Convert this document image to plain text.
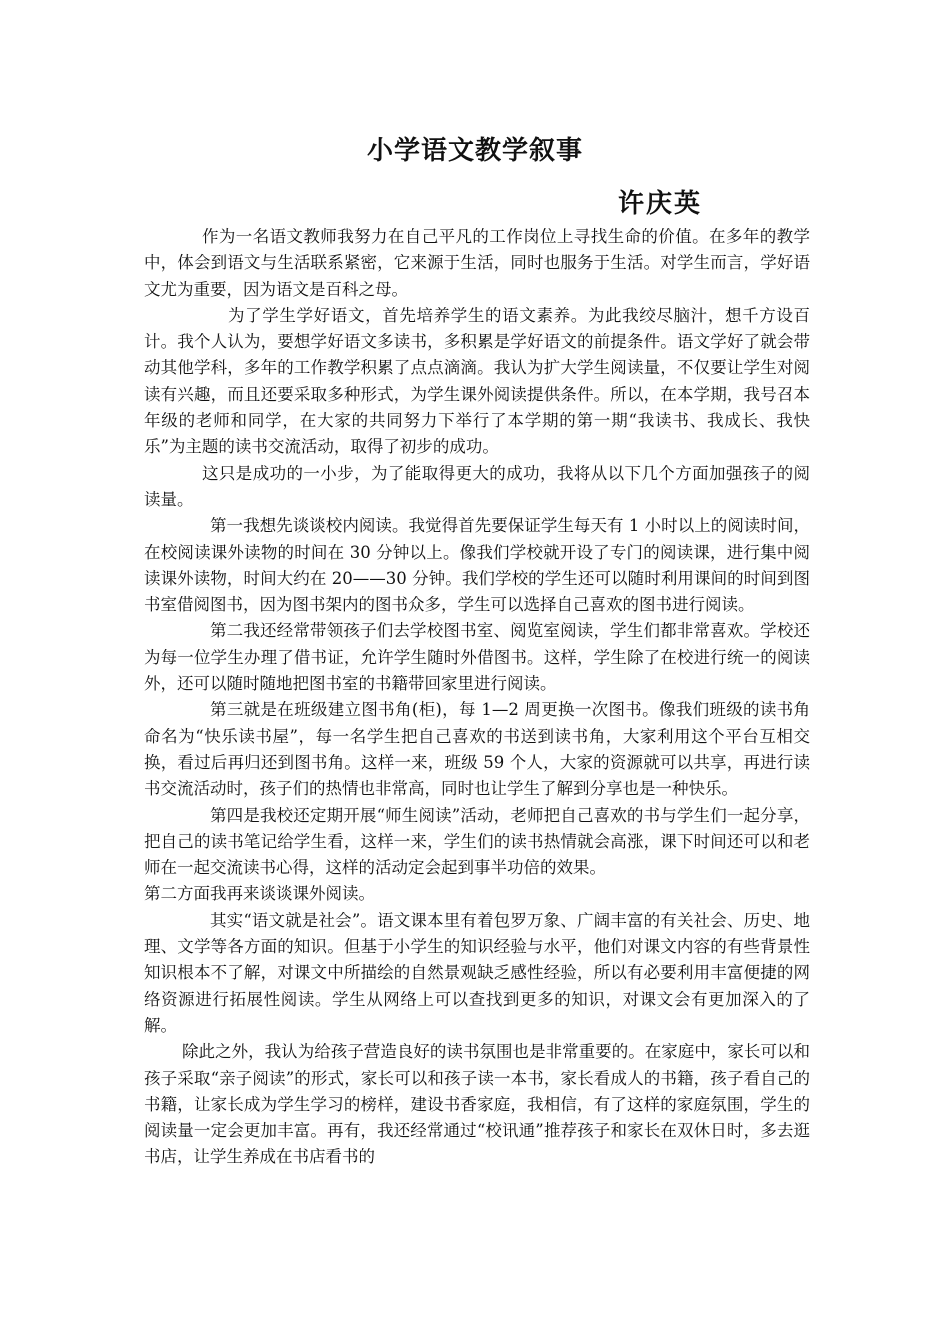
小学语文教学叙事
许庆英

作为一名语文教师我努力在自己平凡的工作岗位上寻找生命的价值。在多年的教学中，体会到语文与生活联系紧密，它来源于生活，同时也服务于生活。对学生而言，学好语文尤为重要，因为语文是百科之母。

为了学生学好语文，首先培养学生的语文素养。为此我绞尽脑汁，想千方设百计。我个人认为，要想学好语文多读书，多积累是学好语文的前提条件。语文学好了就会带动其他学科，多年的工作教学积累了点点滴滴。我认为扩大学生阅读量，不仅要让学生对阅读有兴趣，而且还要采取多种形式，为学生课外阅读提供条件。所以，在本学期，我号召本年级的老师和同学，在大家的共同努力下举行了本学期的第一期“我读书、我成长、我快乐”为主题的读书交流活动，取得了初步的成功。

这只是成功的一小步，为了能取得更大的成功，我将从以下几个方面加强孩子的阅读量。

第一我想先谈谈校内阅读。我觉得首先要保证学生每天有 1 小时以上的阅读时间，在校阅读课外读物的时间在 30 分钟以上。像我们学校就开设了专门的阅读课，进行集中阅读课外读物，时间大约在 20——30 分钟。我们学校的学生还可以随时利用课间的时间到图书室借阅图书，因为图书架内的图书众多，学生可以选择自己喜欢的图书进行阅读。

第二我还经常带领孩子们去学校图书室、阅览室阅读，学生们都非常喜欢。学校还为每一位学生办理了借书证，允许学生随时外借图书。这样，学生除了在校进行统一的阅读外，还可以随时随地把图书室的书籍带回家里进行阅读。

第三就是在班级建立图书角(柜)，每 1—2 周更换一次图书。像我们班级的读书角命名为“快乐读书屋”，每一名学生把自己喜欢的书送到读书角，大家利用这个平台互相交换，看过后再归还到图书角。这样一来，班级 59 个人，大家的资源就可以共享，再进行读书交流活动时，孩子们的热情也非常高，同时也让学生了解到分享也是一种快乐。

第四是我校还定期开展“师生阅读”活动，老师把自己喜欢的书与学生们一起分享，把自己的读书笔记给学生看，这样一来，学生们的读书热情就会高涨，课下时间还可以和老师在一起交流读书心得，这样的活动定会起到事半功倍的效果。

第二方面我再来谈谈课外阅读。

其实“语文就是社会”。语文课本里有着包罗万象、广阔丰富的有关社会、历史、地理、文学等各方面的知识。但基于小学生的知识经验与水平，他们对课文内容的有些背景性知识根本不了解，对课文中所描绘的自然景观缺乏感性经验，所以有必要利用丰富便捷的网络资源进行拓展性阅读。学生从网络上可以查找到更多的知识，对课文会有更加深入的了解。

除此之外，我认为给孩子营造良好的读书氛围也是非常重要的。在家庭中，家长可以和孩子采取“亲子阅读”的形式，家长可以和孩子读一本书，家长看成人的书籍，孩子看自己的书籍，让家长成为学生学习的榜样，建设书香家庭，我相信，有了这样的家庭氛围，学生的阅读量一定会更加丰富。再有，我还经常通过“校讯通”推荐孩子和家长在双休日时，多去逛书店，让学生养成在书店看书的
